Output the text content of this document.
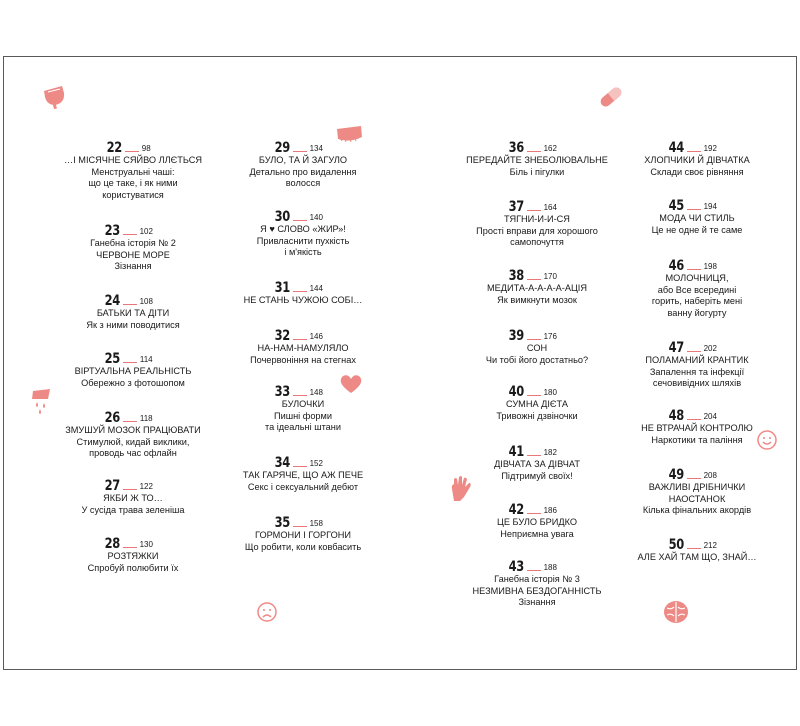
22 98
…І МІСЯЧНЕ СЯЙВО ЛЛЄТЬСЯ
Менструальні чаші:
що це таке, і як ними
користуватися
23 102
Ганебна історія № 2
ЧЕРВОНЕ МОРЕ
Зізнання
24 108
БАТЬКИ ТА ДІТИ
Як з ними поводитися
25 114
ВІРТУАЛЬНА РЕАЛЬНІСТЬ
Обережно з фотошопом
26 118
ЗМУШУЙ МОЗОК ПРАЦЮВАТИ
Стимулюй, кидай виклики,
проводь час офлайн
27 122
ЯКБИ Ж ТО…
У сусіда трава зеленіша
28 130
РОЗТЯЖКИ
Спробуй полюбити їх
29 134
БУЛО, ТА Й ЗАГУЛО
Детально про видалення
волосся
30 140
Я ♥ СЛОВО «ЖИР»!
Привласнити пухкість
і м'якість
31 144
НЕ СТАНЬ ЧУЖОЮ СОБІ…
32 146
НА-НАМ-НАМУЛЯЛО
Почервоніння на стегнах
33 148
БУЛОЧКИ
Пишні форми
та ідеальні штани
34 152
ТАК ГАРЯЧЕ, ЩО АЖ ПЕЧЕ
Секс і сексуальний дебют
35 158
ГОРМОНИ І ГОРГОНИ
Що робити, коли ковбасить
36 162
ПЕРЕДАЙТЕ ЗНЕБОЛЮВАЛЬНЕ
Біль і пігулки
37 164
ТЯГНИ-И-И-СЯ
Прості вправи для хорошого
самопочуття
38 170
МЕДИТА-А-А-А-А-АЦІЯ
Як вимкнути мозок
39 176
СОН
Чи тобі його достатньо?
40 180
СУМНА ДІЄТА
Тривожні дзвіночки
41 182
ДІВЧАТА ЗА ДІВЧАТ
Підтримуй своїх!
42 186
ЦЕ БУЛО БРИДКО
Неприємна увага
43 188
Ганебна історія № 3
НЕЗМИВНА БЕЗДОГАННІСТЬ
Зізнання
44 192
ХЛОПЧИКИ Й ДІВЧАТКА
Склади своє рівняння
45 194
МОДА ЧИ СТИЛЬ
Це не одне й те саме
46 198
МОЛОЧНИЦЯ,
або Все всередині
горить, наберіть мені
ванну йогурту
47 202
ПОЛАМАНИЙ КРАНТИК
Запалення та інфекції
сечовивідних шляхів
48 204
НЕ ВТРАЧАЙ КОНТРОЛЮ
Наркотики та паління
49 208
ВАЖЛИВІ ДРІБНИЧКИ
НАОСТАНОК
Кілька фінальних акордів
50 212
АЛЕ ХАЙ ТАМ ЩО, ЗНАЙ…
